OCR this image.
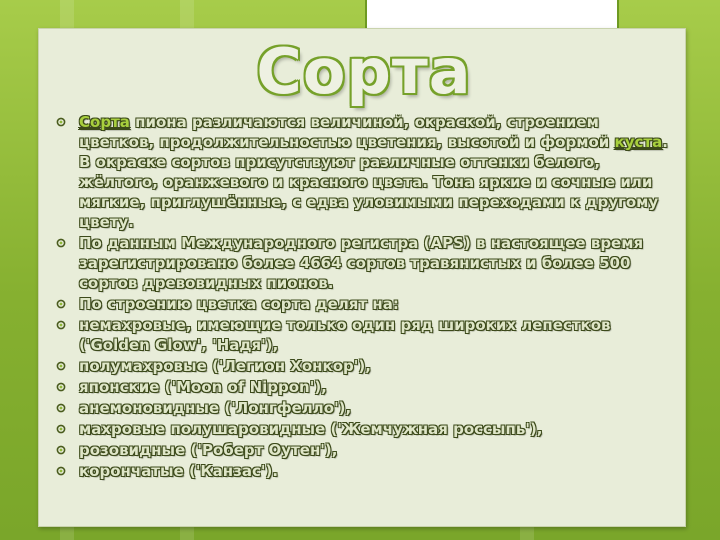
Сорта
Сорта пиона различаются величиной, окраской, строением цветков, продолжительностью цветения, высотой и формой куста. В окраске сортов присутствуют различные оттенки белого, жёлтого, оранжевого и красного цвета. Тона яркие и сочные или мягкие, приглушённые, с едва уловимыми переходами к другому цвету.
По данным Международного регистра (APS) в настоящее время зарегистрировано более 4664 сортов травянистых и более 500 сортов древовидных пионов.
По строению цветка сорта делят на:
немахровые, имеющие только один ряд широких лепестков ('Golden Glow', 'Надя'),
полумахровые ('Легион Хонкор'),
японские ('Moon of Nippon'),
анемоновидные ('Лонгфелло'),
махровые полушаровидные ('Жемчужная россыпь'),
розовидные ('Роберт Оутен'),
корончатые ('Канзас').
